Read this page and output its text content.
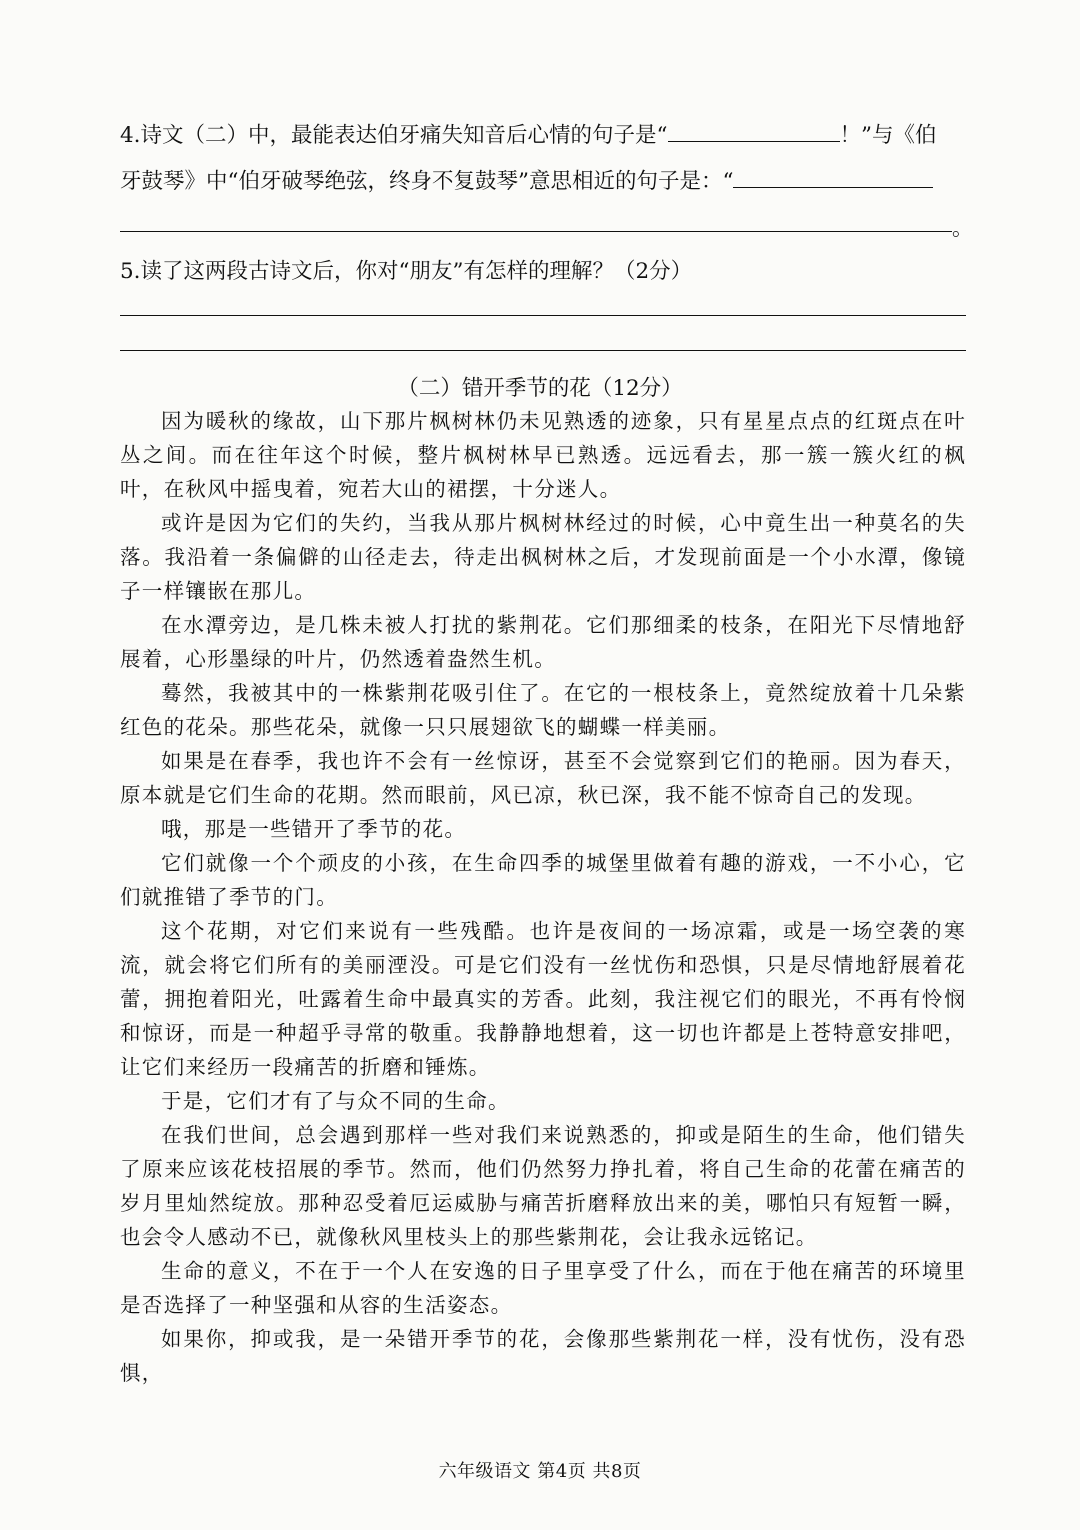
4.诗文（二）中，最能表达伯牙痛失知音后心情的句子是“	！”与《伯
牙鼓琴》中“伯牙破琴绝弦，终身不复鼓琴”意思相近的句子是：“
。
5.读了这两段古诗文后，你对“朋友”有怎样的理解？（2分）
（二）错开季节的花（12分）

因为暖秋的缘故，山下那片枫树林仍未见熟透的迹象，只有星星点点的红斑点在叶丛之间。而在往年这个时候，整片枫树林早已熟透。远远看去，那一簇一簇火红的枫叶，在秋风中摇曳着，宛若大山的裙摆，十分迷人。

或许是因为它们的失约，当我从那片枫树林经过的时候，心中竟生出一种莫名的失落。我沿着一条偏僻的山径走去，待走出枫树林之后，才发现前面是一个小水潭，像镜子一样镶嵌在那儿。

在水潭旁边，是几株未被人打扰的紫荆花。它们那细柔的枝条，在阳光下尽情地舒展着，心形墨绿的叶片，仍然透着盎然生机。

蓦然，我被其中的一株紫荆花吸引住了。在它的一根枝条上，竟然绽放着十几朵紫红色的花朵。那些花朵，就像一只只展翅欲飞的蝴蝶一样美丽。

如果是在春季，我也许不会有一丝惊讶，甚至不会觉察到它们的艳丽。因为春天，原本就是它们生命的花期。然而眼前，风已凉，秋已深，我不能不惊奇自己的发现。

哦，那是一些错开了季节的花。

它们就像一个个顽皮的小孩，在生命四季的城堡里做着有趣的游戏，一不小心，它们就推错了季节的门。

这个花期，对它们来说有一些残酷。也许是夜间的一场凉霜，或是一场空袭的寒流，就会将它们所有的美丽湮没。可是它们没有一丝忧伤和恐惧，只是尽情地舒展着花蕾，拥抱着阳光，吐露着生命中最真实的芳香。此刻，我注视它们的眼光，不再有怜悯和惊讶，而是一种超乎寻常的敬重。我静静地想着，这一切也许都是上苍特意安排吧，让它们来经历一段痛苦的折磨和锤炼。

于是，它们才有了与众不同的生命。

在我们世间，总会遇到那样一些对我们来说熟悉的，抑或是陌生的生命，他们错失了原来应该花枝招展的季节。然而，他们仍然努力挣扎着，将自己生命的花蕾在痛苦的岁月里灿然绽放。那种忍受着厄运威胁与痛苦折磨释放出来的美，哪怕只有短暂一瞬，也会令人感动不已，就像秋风里枝头上的那些紫荆花，会让我永远铭记。

生命的意义，不在于一个人在安逸的日子里享受了什么，而在于他在痛苦的环境里是否选择了一种坚强和从容的生活姿态。

如果你，抑或我，是一朵错开季节的花，会像那些紫荆花一样，没有忧伤，没有恐惧，

六年级语文 第4页 共8页
